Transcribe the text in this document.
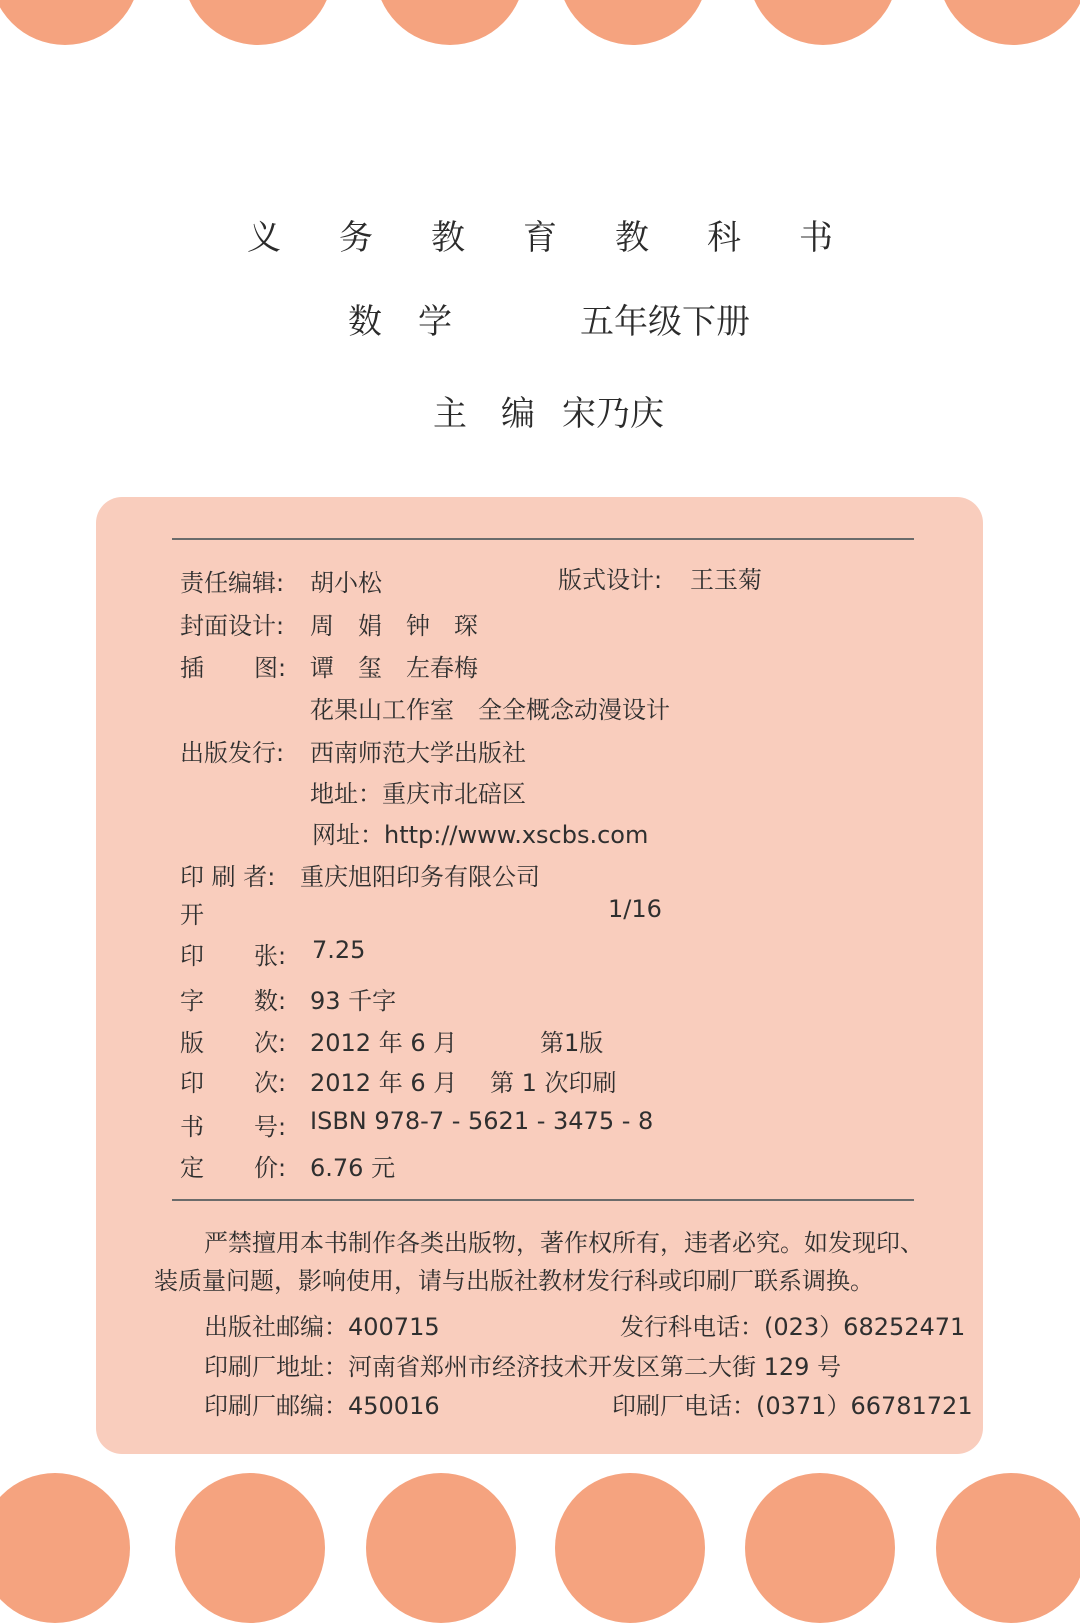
义 务 教 育 教 科 书
数 学	五年级下册
主 编 宋乃庆
责任编辑: 胡小松	版式设计: 王玉菊
封面设计: 周　娟　钟　琛
插 图: 谭　玺　左春梅
花果山工作室　全全概念动漫设计
出版发行: 西南师范大学出版社
地址：重庆市北碚区
网址：http://www.xscbs.com
印 刷 者: 重庆旭阳印务有限公司
开	1/16
印 张: 7.25
字 数: 93 千字
版 次: 2012 年 6 月	第1版
印 次: 2012 年 6 月 第 1 次印刷
书 号: ISBN 978-7 - 5621 - 3475 - 8
定 价: 6.76 元
严禁擅用本书制作各类出版物，著作权所有，违者必究。如发现印、
装质量问题，影响使用，请与出版社教材发行科或印刷厂联系调换。
出版社邮编：400715	发行科电话：(023）68252471
印刷厂地址：河南省郑州市经济技术开发区第二大街 129 号
印刷厂邮编：450016	印刷厂电话：(0371）66781721
